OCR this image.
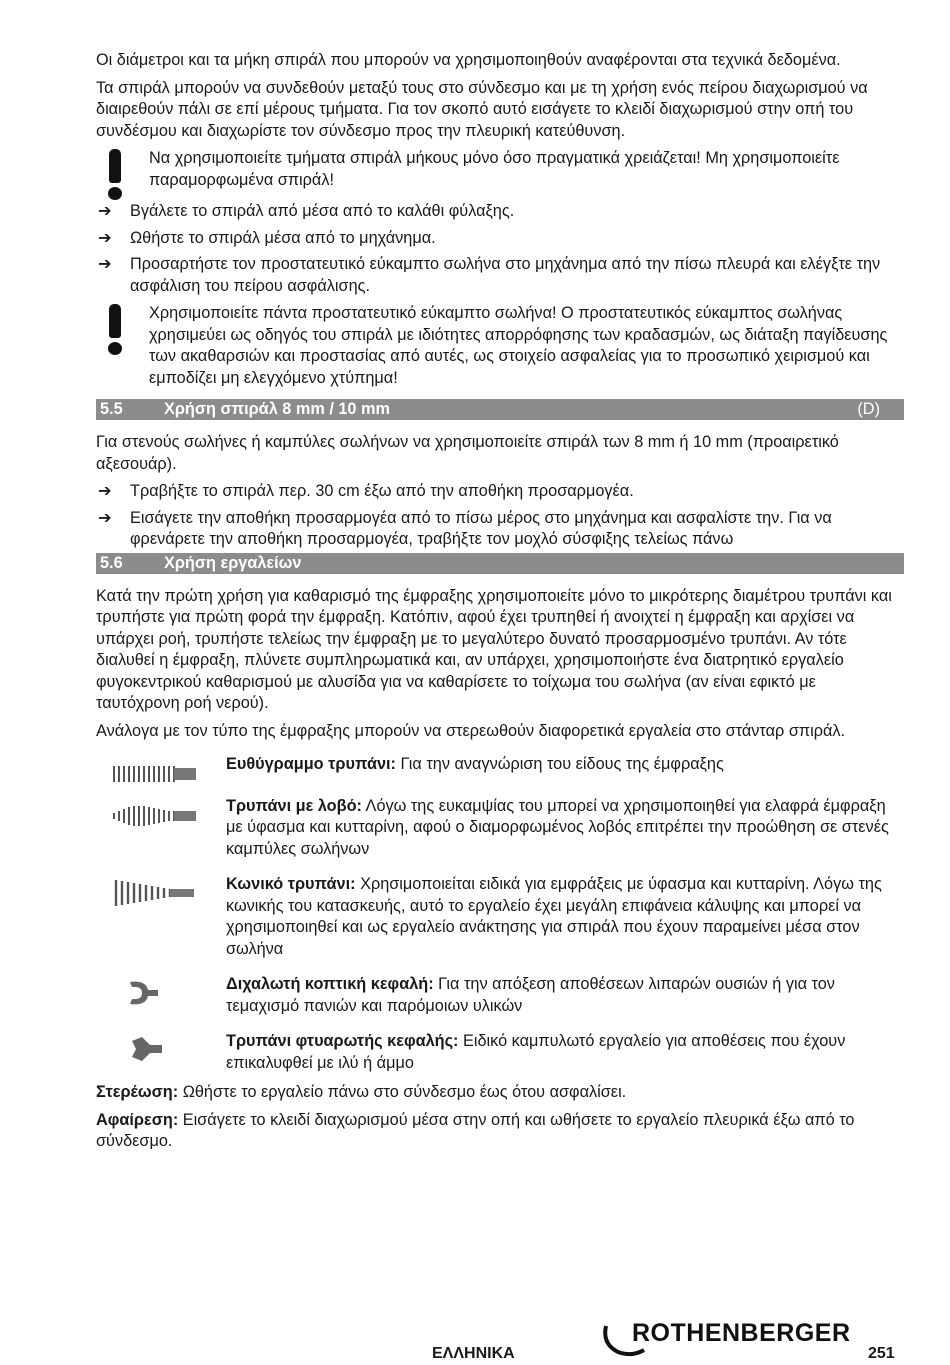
Οι διάμετροι και τα μήκη σπιράλ που μπορούν να χρησιμοποιηθούν αναφέρονται στα τεχνικά δεδομένα.

Τα σπιράλ μπορούν να συνδεθούν μεταξύ τους στο σύνδεσμο και με τη χρήση ενός πείρου διαχωρισμού να διαιρεθούν πάλι σε επί μέρους τμήματα. Για τον σκοπό αυτό εισάγετε το κλειδί διαχωρισμού στην οπή του συνδέσμου και διαχωρίστε τον σύνδεσμο προς την πλευρική κατεύθυνση.

Να χρησιμοποιείτε τμήματα σπιράλ μήκους μόνο όσο πραγματικά χρειάζεται! Μη χρησιμοποιείτε παραμορφωμένα σπιράλ!
➔ Βγάλετε το σπιράλ από μέσα από το καλάθι φύλαξης.
➔ Ωθήστε το σπιράλ μέσα από το μηχάνημα.
➔ Προσαρτήστε τον προστατευτικό εύκαμπτο σωλήνα στο μηχάνημα από την πίσω πλευρά και ελέγξτε την ασφάλιση του πείρου ασφάλισης.
Χρησιμοποιείτε πάντα προστατευτικό εύκαμπτο σωλήνα! Ο προστατευτικός εύκαμπτος σωλήνας χρησιμεύει ως οδηγός του σπιράλ με ιδιότητες απορρόφησης των κραδασμών, ως διάταξη παγίδευσης των ακαθαρσιών και προστασίας από αυτές, ως στοιχείο ασφαλείας για το προσωπικό χειρισμού και εμποδίζει μη ελεγχόμενο χτύπημα!
5.5	Χρήση σπιράλ 8 mm / 10 mm	(D)

Για στενούς σωλήνες ή καμπύλες σωλήνων να χρησιμοποιείτε σπιράλ των 8 mm ή 10 mm (προαιρετικό αξεσουάρ).

➔ Τραβήξτε το σπιράλ περ. 30 cm έξω από την αποθήκη προσαρμογέα.
➔ Εισάγετε την αποθήκη προσαρμογέα από το πίσω μέρος στο μηχάνημα και ασφαλίστε την. Για να φρενάρετε την αποθήκη προσαρμογέα, τραβήξτε τον μοχλό σύσφιξης τελείως πάνω
5.6	Χρήση εργαλείων

Κατά την πρώτη χρήση για καθαρισμό της έμφραξης χρησιμοποιείτε μόνο το μικρότερης διαμέτρου τρυπάνι και τρυπήστε για πρώτη φορά την έμφραξη. Κατόπιν, αφού έχει τρυπηθεί ή ανοιχτεί η έμφραξη και αρχίσει να υπάρχει ροή, τρυπήστε τελείως την έμφραξη με το μεγαλύτερο δυνατό προσαρμοσμένο τρυπάνι. Αν τότε διαλυθεί η έμφραξη, πλύνετε συμπληρωματικά και, αν υπάρχει, χρησιμοποιήστε ένα διατρητικό εργαλείο φυγοκεντρικού καθαρισμού με αλυσίδα για να καθαρίσετε το τοίχωμα του σωλήνα (αν είναι εφικτό με ταυτόχρονη ροή νερού).

Ανάλογα με τον τύπο της έμφραξης μπορούν να στερεωθούν διαφορετικά εργαλεία στο στάνταρ σπιράλ.

Ευθύγραμμο τρυπάνι: Για την αναγνώριση του είδους της έμφραξης
Τρυπάνι με λοβό: Λόγω της ευκαμψίας του μπορεί να χρησιμοποιηθεί για ελαφρά έμφραξη με ύφασμα και κυτταρίνη, αφού ο διαμορφωμένος λοβός επιτρέπει την προώθηση σε στενές καμπύλες σωλήνων
Κωνικό τρυπάνι: Χρησιμοποιείται ειδικά για εμφράξεις με ύφασμα και κυτταρίνη. Λόγω της κωνικής του κατασκευής, αυτό το εργαλείο έχει μεγάλη επιφάνεια κάλυψης και μπορεί να χρησιμοποιηθεί και ως εργαλείο ανάκτησης για σπιράλ που έχουν παραμείνει μέσα στον σωλήνα
Διχαλωτή κοπτική κεφαλή: Για την απόξεση αποθέσεων λιπαρών ουσιών ή για τον τεμαχισμό πανιών και παρόμοιων υλικών
Τρυπάνι φτυαρωτής κεφαλής: Ειδικό καμπυλωτό εργαλείο για αποθέσεις που έχουν επικαλυφθεί με ιλύ ή άμμο

Στερέωση: Ωθήστε το εργαλείο πάνω στο σύνδεσμο έως ότου ασφαλίσει.

Αφαίρεση: Εισάγετε το κλειδί διαχωρισμού μέσα στην οπή και ωθήσετε το εργαλείο πλευρικά έξω από το σύνδεσμο.

ΕΛΛΗΝΙΚΑ
ROTHENBERGER
251
